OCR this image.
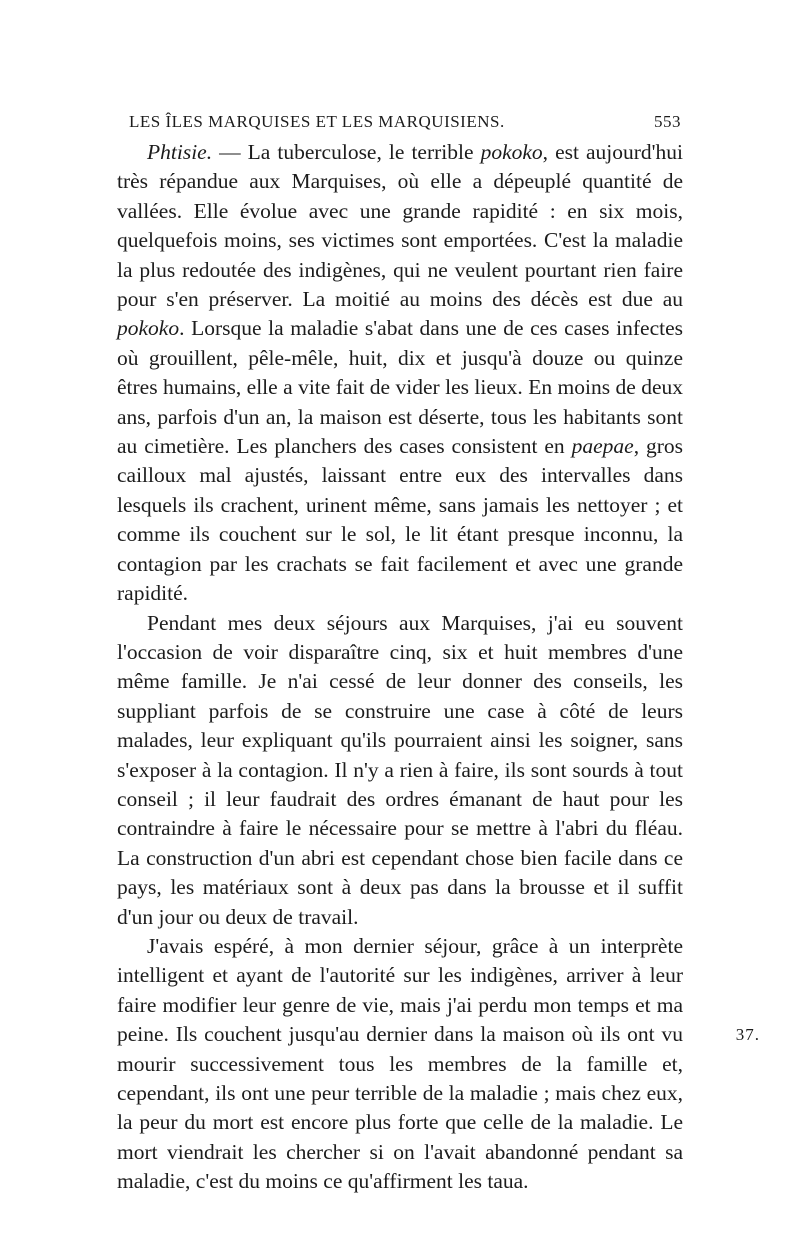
LES ÎLES MARQUISES ET LES MARQUISIENS.	553

Phtisie. — La tuberculose, le terrible pokoko, est aujourd'hui très répandue aux Marquises, où elle a dépeuplé quantité de vallées. Elle évolue avec une grande rapidité : en six mois, quelquefois moins, ses victimes sont emportées. C'est la maladie la plus redoutée des indigènes, qui ne veulent pourtant rien faire pour s'en préserver. La moitié au moins des décès est due au pokoko. Lorsque la maladie s'abat dans une de ces cases infectes où grouillent, pêle-mêle, huit, dix et jusqu'à douze ou quinze êtres humains, elle a vite fait de vider les lieux. En moins de deux ans, parfois d'un an, la maison est déserte, tous les habitants sont au cimetière. Les planchers des cases consistent en paepae, gros cailloux mal ajustés, laissant entre eux des intervalles dans lesquels ils crachent, urinent même, sans jamais les nettoyer ; et comme ils couchent sur le sol, le lit étant presque inconnu, la contagion par les crachats se fait facilement et avec une grande rapidité.

Pendant mes deux séjours aux Marquises, j'ai eu souvent l'occasion de voir disparaître cinq, six et huit membres d'une même famille. Je n'ai cessé de leur donner des conseils, les suppliant parfois de se construire une case à côté de leurs malades, leur expliquant qu'ils pourraient ainsi les soigner, sans s'exposer à la contagion. Il n'y a rien à faire, ils sont sourds à tout conseil ; il leur faudrait des ordres émanant de haut pour les contraindre à faire le nécessaire pour se mettre à l'abri du fléau. La construction d'un abri est cependant chose bien facile dans ce pays, les matériaux sont à deux pas dans la brousse et il suffit d'un jour ou deux de travail.

J'avais espéré, à mon dernier séjour, grâce à un interprète intelligent et ayant de l'autorité sur les indigènes, arriver à leur faire modifier leur genre de vie, mais j'ai perdu mon temps et ma peine. Ils couchent jusqu'au dernier dans la maison où ils ont vu mourir successivement tous les membres de la famille et, cependant, ils ont une peur terrible de la maladie ; mais chez eux, la peur du mort est encore plus forte que celle de la maladie. Le mort viendrait les chercher si on l'avait abandonné pendant sa maladie, c'est du moins ce qu'affirment les taua.

37.
